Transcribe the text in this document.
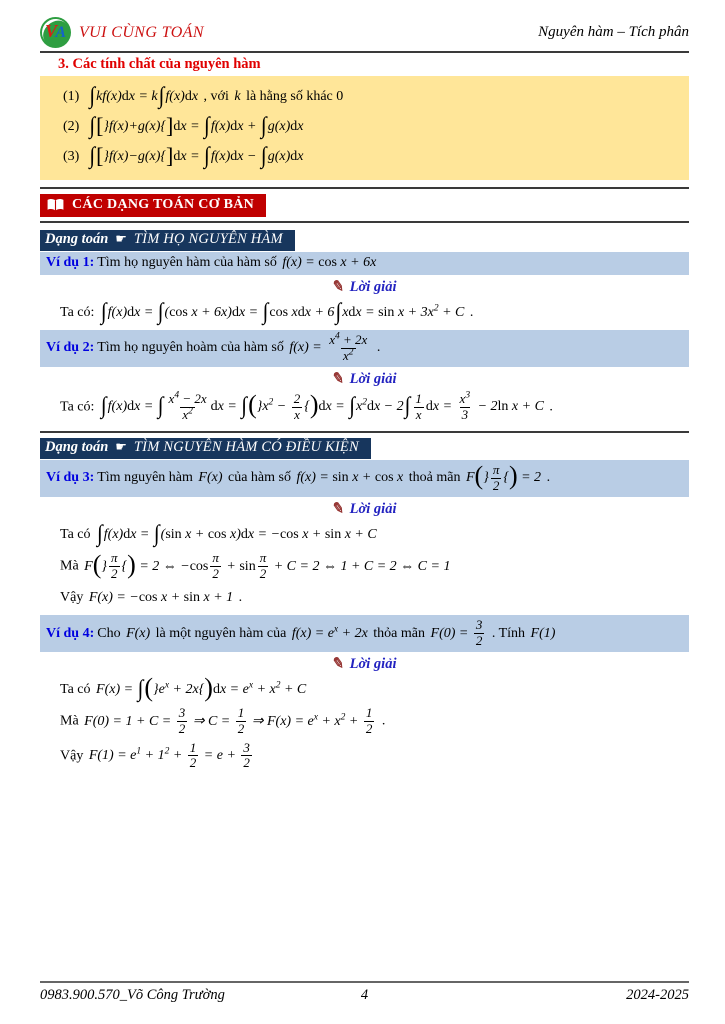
V
A VUI CÙNG TOÁN	Nguyên hàm – Tích phân
3. Các tính chất của nguyên hàm
(1) ∫kf(x)dx = k∫f(x)dx , với k là hằng số khác 0
(2) ∫[}f(x)+g(x){]dx = ∫f(x)dx + ∫g(x)dx
(3) ∫[}f(x)−g(x){]dx = ∫f(x)dx − ∫g(x)dx
CÁC DẠNG TOÁN CƠ BẢN
Dạng toán ☛ TÌM HỌ NGUYÊN HÀM
Ví dụ 1: Tìm họ nguyên hàm của hàm số f(x) = cos x + 6x
✎ Lời giải
Ta có: ∫f(x)dx = ∫(cos x + 6x)dx = ∫cos xdx + $6\int xdx = \sin x + 3x^2 + C$ .
Ví dụ 2: Tìm họ nguyên hoàm của hàm số $f(x) = \frac{x^4 + 2x}{x^2}$ .
✎ Lời giải
Ta có: ∫f(x)dx = ∫ $\frac{x^4 - 2x}{x^2}$ dx = $\int(\}x^2 - \frac{2}{x} \{)dx = \int x^2dx - 2\int \frac{1}{x}$ dx = $\frac{x^3}{3} - 2\ln$ x + C .
Dạng toán ☛ TÌM NGUYÊN HÀM CÓ ĐIỀU KIỆN
Ví dụ 3: Tìm nguyên hàm F(x) của hàm số f(x) = sin x + cos x thoả mãn $F(\} \frac{\pi}{2}$ {) = 2 .
✎ Lời giải
Ta có ∫f(x)dx = ∫(sin x + cos x)dx = −cos x + sin x + C
Mà $F(\} \frac{\pi}{2}$ {) = 2 ⇔ $-\cos \frac{\pi}{2} + \sin \frac{\pi}{2} + C = 2$ ⇔ 1 + C = 2 ⇔ C = 1
Vậy F(x) = −cos x + sin x + 1 .
Ví dụ 4: Cho F(x) là một nguyên hàm của $f(x) = e^x + 2x$ thỏa mãn $F(0) = \frac{3}{2}$ . Tính F(1)
✎ Lời giải
Ta có $F(x) = \int(\}e^x + 2x\{)dx = e^x + x^2 + C$
Mà $F(0) = 1 + C = \frac{3}{2}$ ⇒ $C = \frac{1}{2}$ ⇒ $F(x) = e^x + x^2 + \frac{1}{2}$ .
Vậy $F(1) = e^1 + 1^2 + \frac{1}{2} = e + \frac{3}{2}$
0983.900.570_Võ Công Trường	4	2024-2025
